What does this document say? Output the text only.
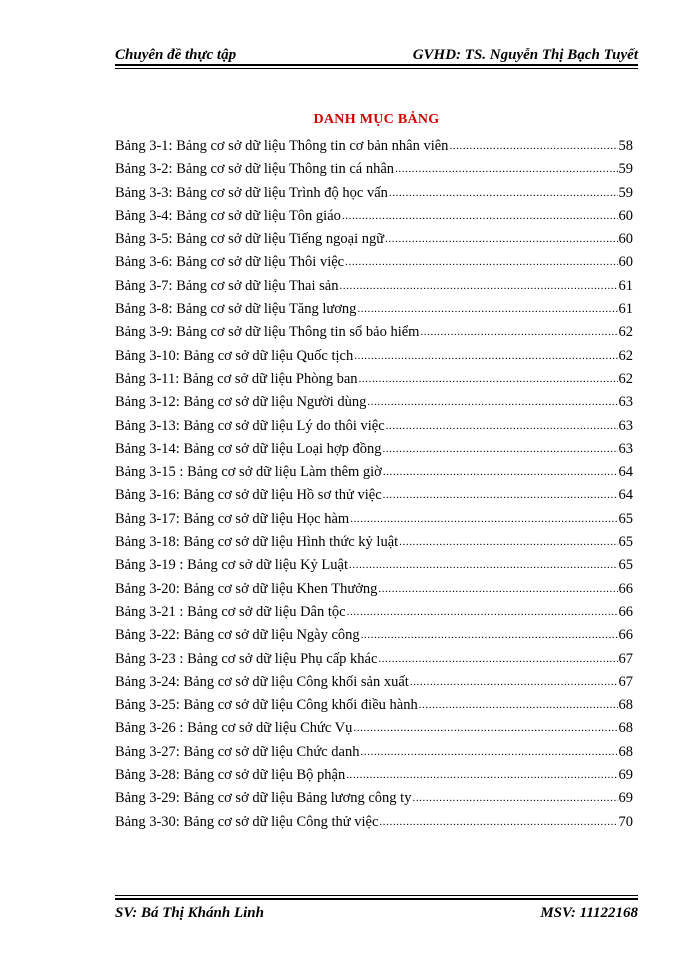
Chuyên đề thực tập	GVHD: TS. Nguyễn Thị Bạch Tuyết
DANH MỤC BẢNG
Bảng 3-1: Bảng cơ sở dữ liệu Thông tin cơ bản nhân viên .....	58
Bảng 3-2: Bảng cơ sở dữ liệu Thông tin cá nhân .....	59
Bảng 3-3: Bảng cơ sở dữ liệu Trình độ học vấn .....	59
Bảng 3-4: Bảng cơ sở dữ liệu Tôn giáo .....	60
Bảng 3-5: Bảng cơ sở dữ liệu Tiếng ngoại ngữ .....	60
Bảng 3-6: Bảng cơ sở dữ liệu Thôi việc .....	60
Bảng 3-7: Bảng cơ sở dữ liệu Thai sản .....	61
Bảng 3-8: Bảng cơ sở dữ liệu Tăng lương .....	61
Bảng 3-9: Bảng cơ sở dữ liệu Thông tin sổ bảo hiểm .....	62
Bảng 3-10: Bảng cơ sở dữ liệu Quốc tịch .....	62
Bảng 3-11: Bảng cơ sở dữ liệu Phòng ban .....	62
Bảng 3-12: Bảng cơ sở dữ liệu Người dùng .....	63
Bảng 3-13: Bảng cơ sở dữ liệu Lý do thôi việc .....	63
Bảng 3-14: Bảng cơ sở dữ liệu Loại hợp đồng .....	63
Bảng 3-15 : Bảng cơ sở dữ liệu Làm thêm giờ .....	64
Bảng 3-16: Bảng cơ sở dữ liệu Hồ sơ thử việc .....	64
Bảng 3-17: Bảng cơ sở dữ liệu Học hàm .....	65
Bảng 3-18: Bảng cơ sở dữ liệu Hình thức kỷ luật .....	65
Bảng 3-19 : Bảng cơ sở dữ liệu Kỷ Luật .....	65
Bảng 3-20: Bảng cơ sở dữ liệu Khen Thưởng .....	66
Bảng 3-21 : Bảng cơ sở dữ liệu Dân tộc .....	66
Bảng 3-22: Bảng cơ sở dữ liệu Ngày công .....	66
Bảng 3-23 : Bảng cơ sở dữ liệu Phụ cấp khác .....	67
Bảng 3-24: Bảng cơ sở dữ liệu Công khối sản xuất .....	67
Bảng 3-25: Bảng cơ sở dữ liệu Công khối điều hành .....	68
Bảng 3-26 : Bảng cơ sở dữ liệu Chức Vụ .....	68
Bảng 3-27: Bảng cơ sở dữ liệu Chức danh .....	68
Bảng 3-28: Bảng cơ sở dữ liệu Bộ phận .....	69
Bảng 3-29: Bảng cơ sở dữ liệu Bảng lương công ty .....	69
Bảng 3-30: Bảng cơ sở dữ liệu Công thử việc .....	70
SV: Bá Thị Khánh Linh	MSV: 11122168
